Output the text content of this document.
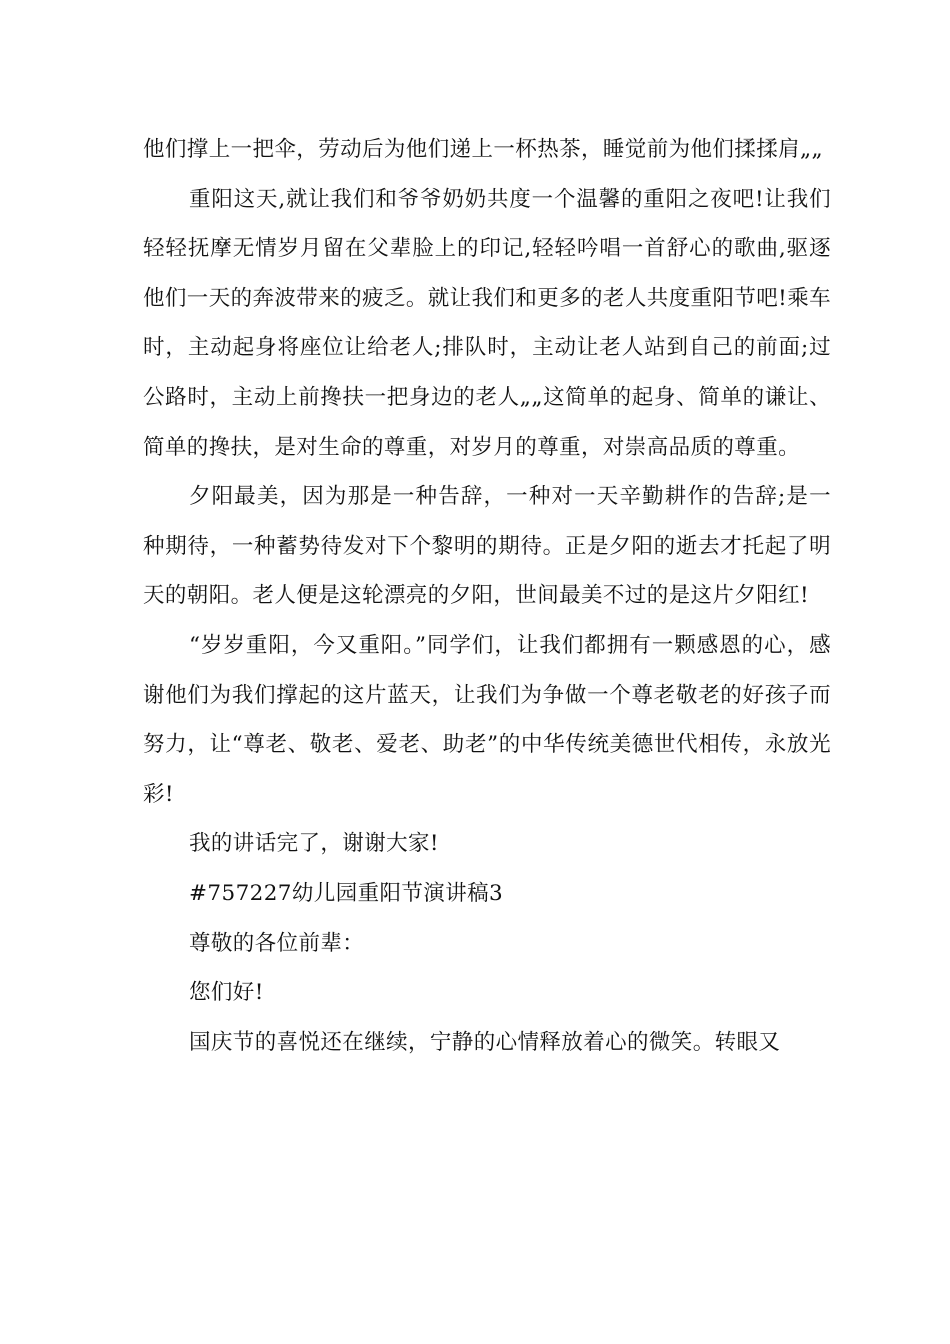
他们撑上一把伞，劳动后为他们递上一杯热茶，睡觉前为他们揉揉肩„„

重阳这天,就让我们和爷爷奶奶共度一个温馨的重阳之夜吧!让我们轻轻抚摩无情岁月留在父辈脸上的印记,轻轻吟唱一首舒心的歌曲,驱逐他们一天的奔波带来的疲乏。就让我们和更多的老人共度重阳节吧!乘车时，主动起身将座位让给老人;排队时，主动让老人站到自己的前面;过公路时，主动上前搀扶一把身边的老人„„这简单的起身、简单的谦让、简单的搀扶，是对生命的尊重，对岁月的尊重，对崇高品质的尊重。

夕阳最美，因为那是一种告辞，一种对一天辛勤耕作的告辞;是一种期待，一种蓄势待发对下个黎明的期待。正是夕阳的逝去才托起了明天的朝阳。老人便是这轮漂亮的夕阳，世间最美不过的是这片夕阳红!

“岁岁重阳，今又重阳。”同学们，让我们都拥有一颗感恩的心，感谢他们为我们撑起的这片蓝天，让我们为争做一个尊老敬老的好孩子而努力，让“尊老、敬老、爱老、助老”的中华传统美德世代相传，永放光彩!

我的讲话完了，谢谢大家!

#757227幼儿园重阳节演讲稿3

尊敬的各位前辈：

您们好!

国庆节的喜悦还在继续，宁静的心情释放着心的微笑。转眼又
